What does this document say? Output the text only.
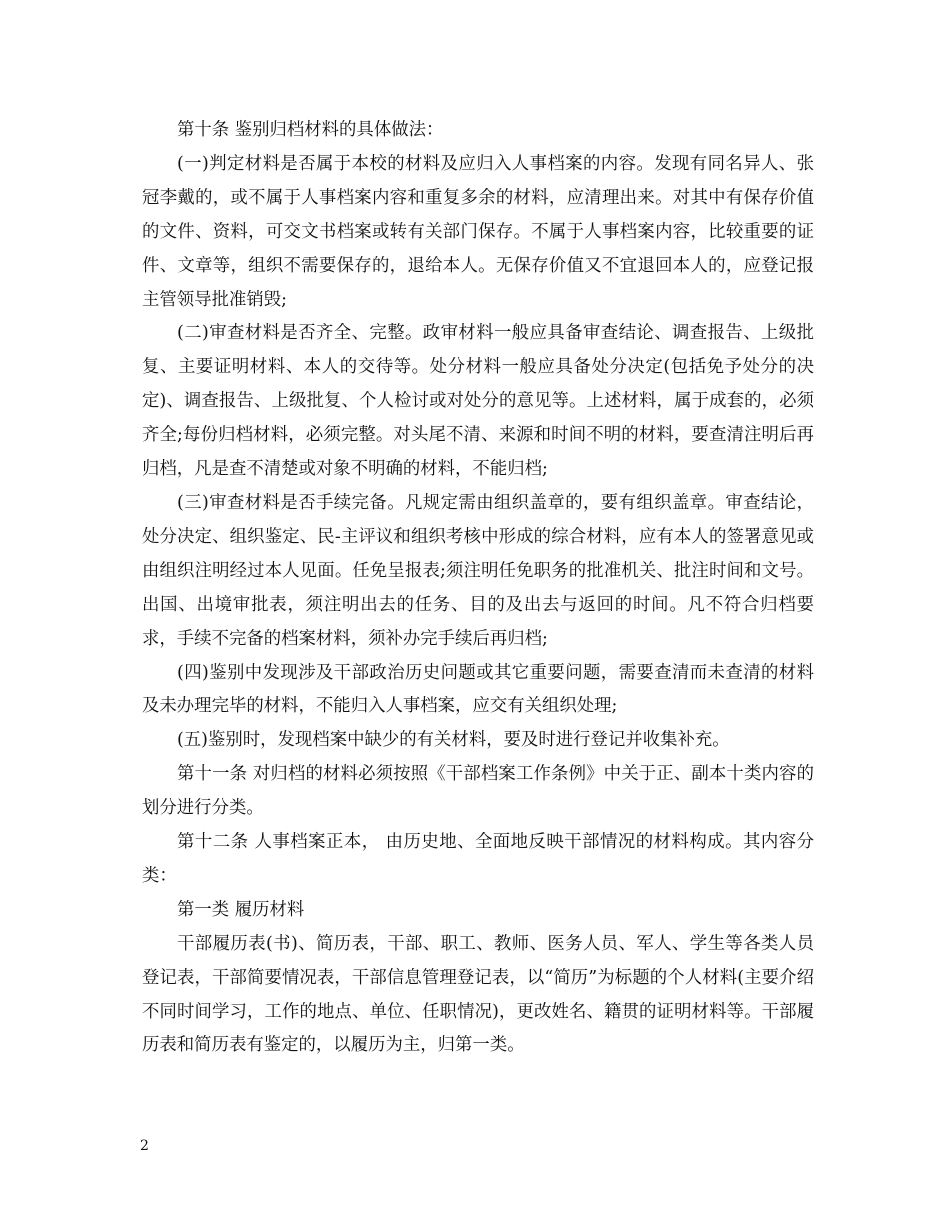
第十条 鉴别归档材料的具体做法：

(一)判定材料是否属于本校的材料及应归入人事档案的内容。发现有同名异人、张冠李戴的，或不属于人事档案内容和重复多余的材料，应清理出来。对其中有保存价值的文件、资料，可交文书档案或转有关部门保存。不属于人事档案内容，比较重要的证件、文章等，组织不需要保存的，退给本人。无保存价值又不宜退回本人的，应登记报主管领导批准销毁;

(二)审查材料是否齐全、完整。政审材料一般应具备审查结论、调查报告、上级批复、主要证明材料、本人的交待等。处分材料一般应具备处分决定(包括免予处分的决定)、调查报告、上级批复、个人检讨或对处分的意见等。上述材料，属于成套的，必须齐全;每份归档材料，必须完整。对头尾不清、来源和时间不明的材料，要查清注明后再归档，凡是查不清楚或对象不明确的材料，不能归档;

(三)审查材料是否手续完备。凡规定需由组织盖章的，要有组织盖章。审查结论，处分决定、组织鉴定、民-主评议和组织考核中形成的综合材料，应有本人的签署意见或由组织注明经过本人见面。任免呈报表;须注明任免职务的批准机关、批注时间和文号。出国、出境审批表，须注明出去的任务、目的及出去与返回的时间。凡不符合归档要求，手续不完备的档案材料，须补办完手续后再归档;

(四)鉴别中发现涉及干部政治历史问题或其它重要问题，需要查清而未查清的材料及未办理完毕的材料，不能归入人事档案，应交有关组织处理;

(五)鉴别时，发现档案中缺少的有关材料，要及时进行登记并收集补充。

第十一条 对归档的材料必须按照《干部档案工作条例》中关于正、副本十类内容的划分进行分类。

第十二条 人事档案正本， 由历史地、全面地反映干部情况的材料构成。其内容分类：

第一类 履历材料

干部履历表(书)、简历表，干部、职工、教师、医务人员、军人、学生等各类人员登记表，干部简要情况表，干部信息管理登记表，以“简历”为标题的个人材料(主要介绍不同时间学习，工作的地点、单位、任职情况)，更改姓名、籍贯的证明材料等。干部履历表和简历表有鉴定的，以履历为主，归第一类。

2
